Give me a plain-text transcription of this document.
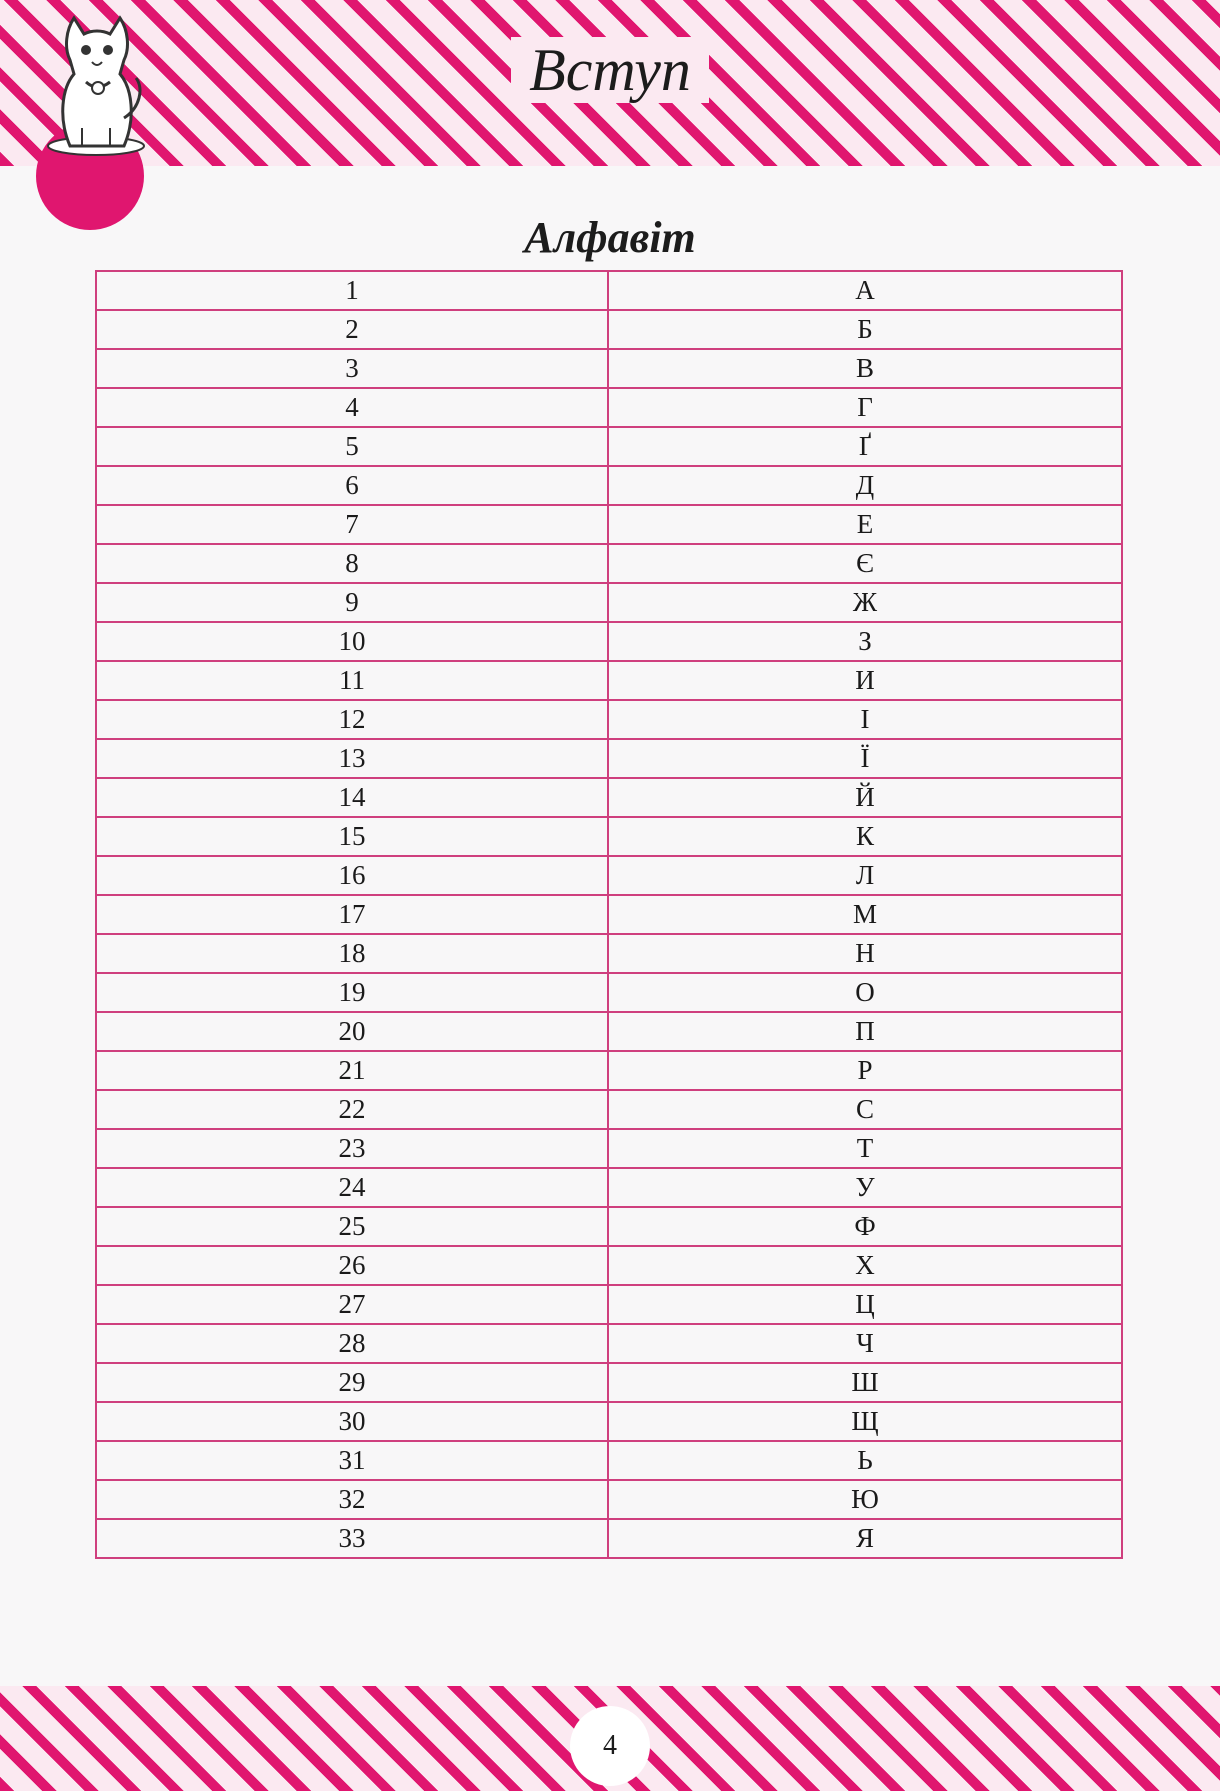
Вступ
Алфавіт
1	А
2	Б
3	В
4	Г
5	Ґ
6	Д
7	Е
8	Є
9	Ж
10	З
11	И
12	І
13	Ї
14	Й
15	К
16	Л
17	М
18	Н
19	О
20	П
21	Р
22	С
23	Т
24	У
25	Ф
26	Х
27	Ц
28	Ч
29	Ш
30	Щ
31	Ь
32	Ю
33	Я
4
